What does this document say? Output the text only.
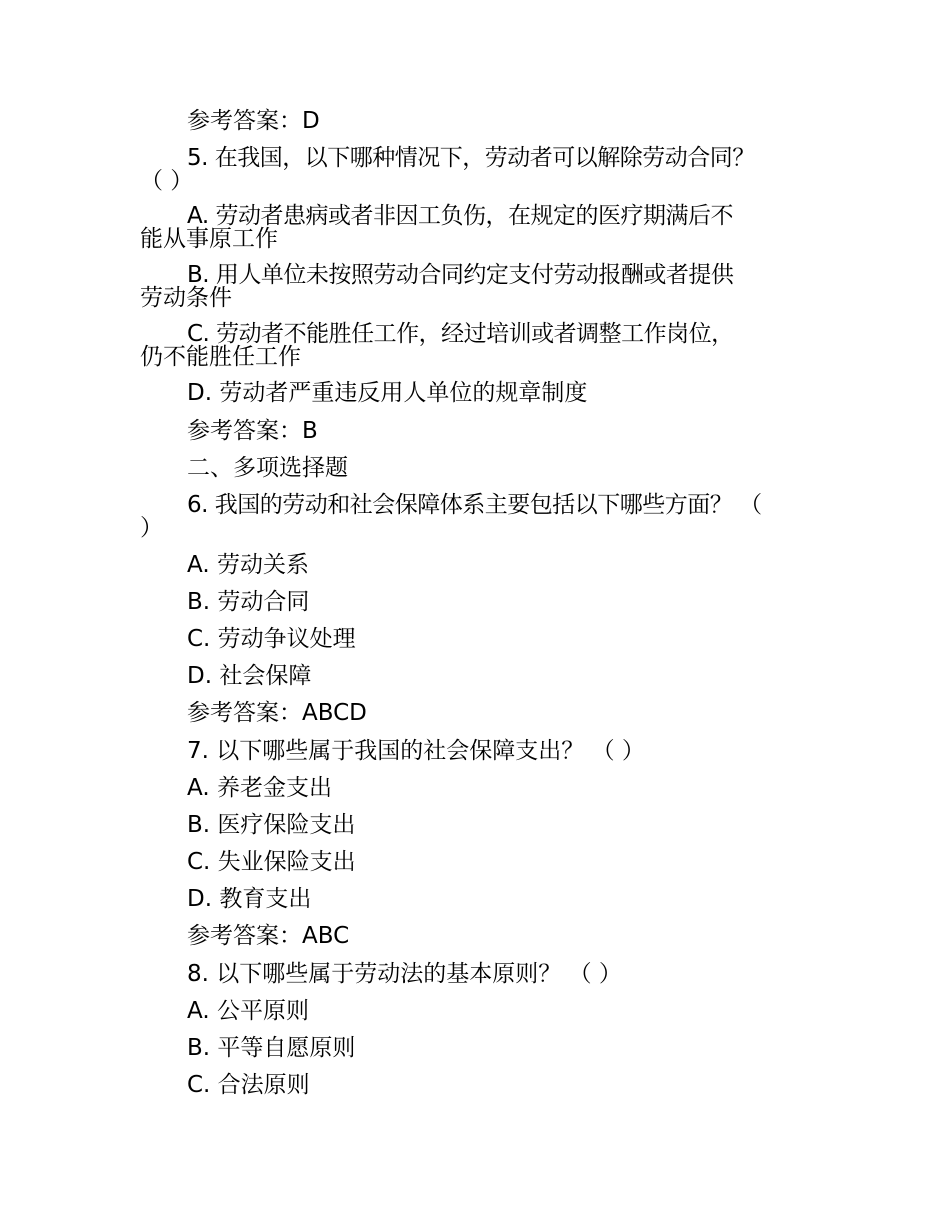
参考答案：D
5. 在我国，以下哪种情况下，劳动者可以解除劳动合同？
（ ）
A. 劳动者患病或者非因工负伤，在规定的医疗期满后不
能从事原工作
B. 用人单位未按照劳动合同约定支付劳动报酬或者提供
劳动条件
C. 劳动者不能胜任工作，经过培训或者调整工作岗位，
仍不能胜任工作
D. 劳动者严重违反用人单位的规章制度
参考答案：B
二、多项选择题
6. 我国的劳动和社会保障体系主要包括以下哪些方面？ （
）
A. 劳动关系
B. 劳动合同
C. 劳动争议处理
D. 社会保障
参考答案：ABCD
7. 以下哪些属于我国的社会保障支出？ （ ）
A. 养老金支出
B. 医疗保险支出
C. 失业保险支出
D. 教育支出
参考答案：ABC
8. 以下哪些属于劳动法的基本原则？ （ ）
A. 公平原则
B. 平等自愿原则
C. 合法原则
